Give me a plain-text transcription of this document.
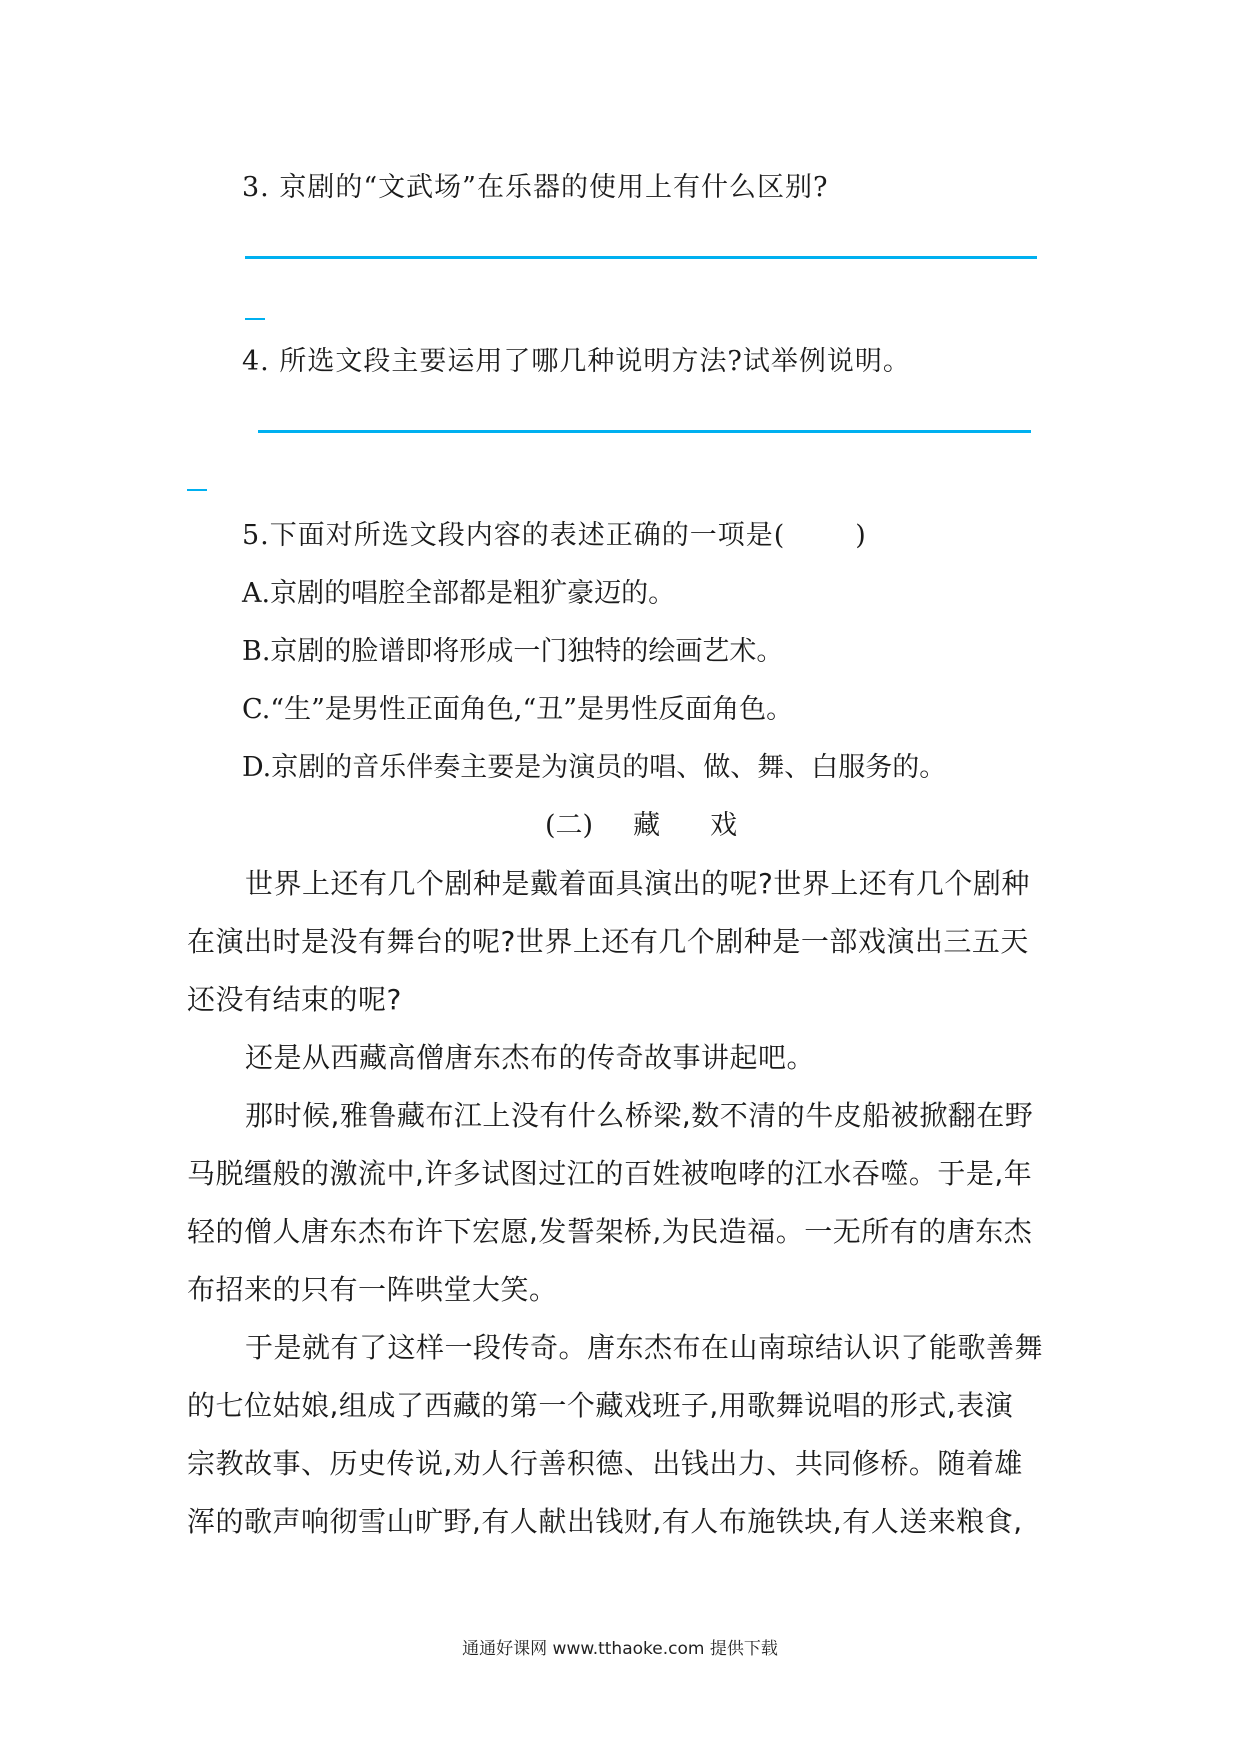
3. 京剧的“文武场”在乐器的使用上有什么区别?
4. 所选文段主要运用了哪几种说明方法?试举例说明。
5.下面对所选文段内容的表述正确的一项是(	)
A.京剧的唱腔全部都是粗犷豪迈的。
B.京剧的脸谱即将形成一门独特的绘画艺术。
C.“生”是男性正面角色,“丑”是男性反面角色。
D.京剧的音乐伴奏主要是为演员的唱、做、舞、白服务的。
(二) 藏 戏
世界上还有几个剧种是戴着面具演出的呢?世界上还有几个剧种
在演出时是没有舞台的呢?世界上还有几个剧种是一部戏演出三五天
还没有结束的呢?
还是从西藏高僧唐东杰布的传奇故事讲起吧。
那时候,雅鲁藏布江上没有什么桥梁,数不清的牛皮船被掀翻在野
马脱缰般的激流中,许多试图过江的百姓被咆哮的江水吞噬。于是,年
轻的僧人唐东杰布许下宏愿,发誓架桥,为民造福。一无所有的唐东杰
布招来的只有一阵哄堂大笑。
于是就有了这样一段传奇。唐东杰布在山南琼结认识了能歌善舞
的七位姑娘,组成了西藏的第一个藏戏班子,用歌舞说唱的形式,表演
宗教故事、历史传说,劝人行善积德、出钱出力、共同修桥。随着雄
浑的歌声响彻雪山旷野,有人献出钱财,有人布施铁块,有人送来粮食,
通通好课网 www.tthaoke.com 提供下载
